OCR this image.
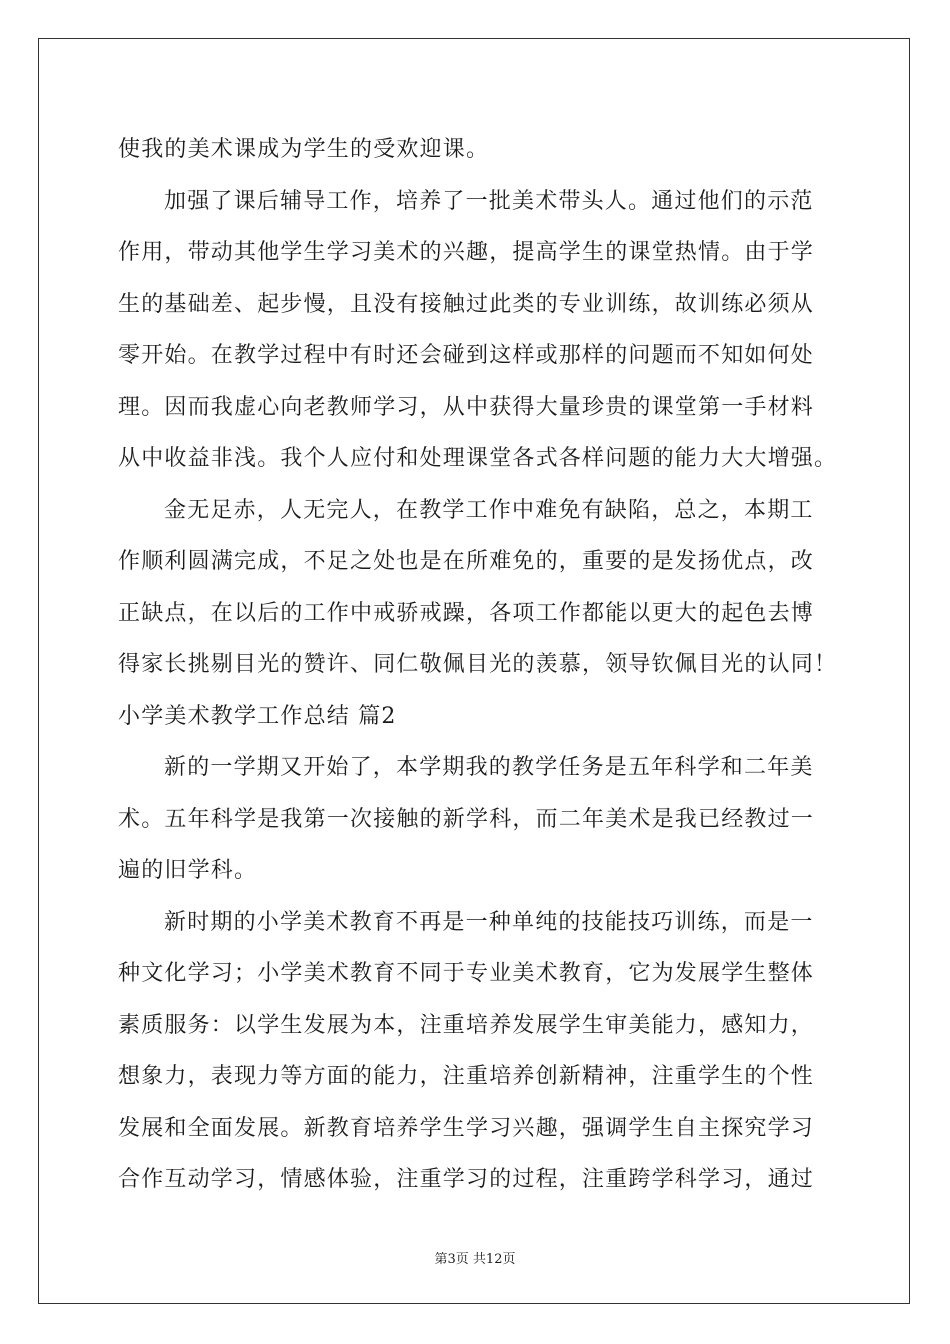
使我的美术课成为学生的受欢迎课。
加强了课后辅导工作，培养了一批美术带头人。通过他们的示范
作用，带动其他学生学习美术的兴趣，提高学生的课堂热情。由于学
生的基础差、起步慢，且没有接触过此类的专业训练，故训练必须从
零开始。在教学过程中有时还会碰到这样或那样的问题而不知如何处
理。因而我虚心向老教师学习，从中获得大量珍贵的课堂第一手材料
从中收益非浅。我个人应付和处理课堂各式各样问题的能力大大增强。
金无足赤，人无完人，在教学工作中难免有缺陷，总之，本期工
作顺利圆满完成，不足之处也是在所难免的，重要的是发扬优点，改
正缺点，在以后的工作中戒骄戒躁，各项工作都能以更大的起色去博
得家长挑剔目光的赞许、同仁敬佩目光的羡慕，领导钦佩目光的认同！
小学美术教学工作总结 篇2
新的一学期又开始了，本学期我的教学任务是五年科学和二年美
术。五年科学是我第一次接触的新学科，而二年美术是我已经教过一
遍的旧学科。
新时期的小学美术教育不再是一种单纯的技能技巧训练，而是一
种文化学习；小学美术教育不同于专业美术教育，它为发展学生整体
素质服务：以学生发展为本，注重培养发展学生审美能力，感知力，
想象力，表现力等方面的能力，注重培养创新精神，注重学生的个性
发展和全面发展。新教育培养学生学习兴趣，强调学生自主探究学习
合作互动学习，情感体验，注重学习的过程，注重跨学科学习，通过
第3页 共12页
